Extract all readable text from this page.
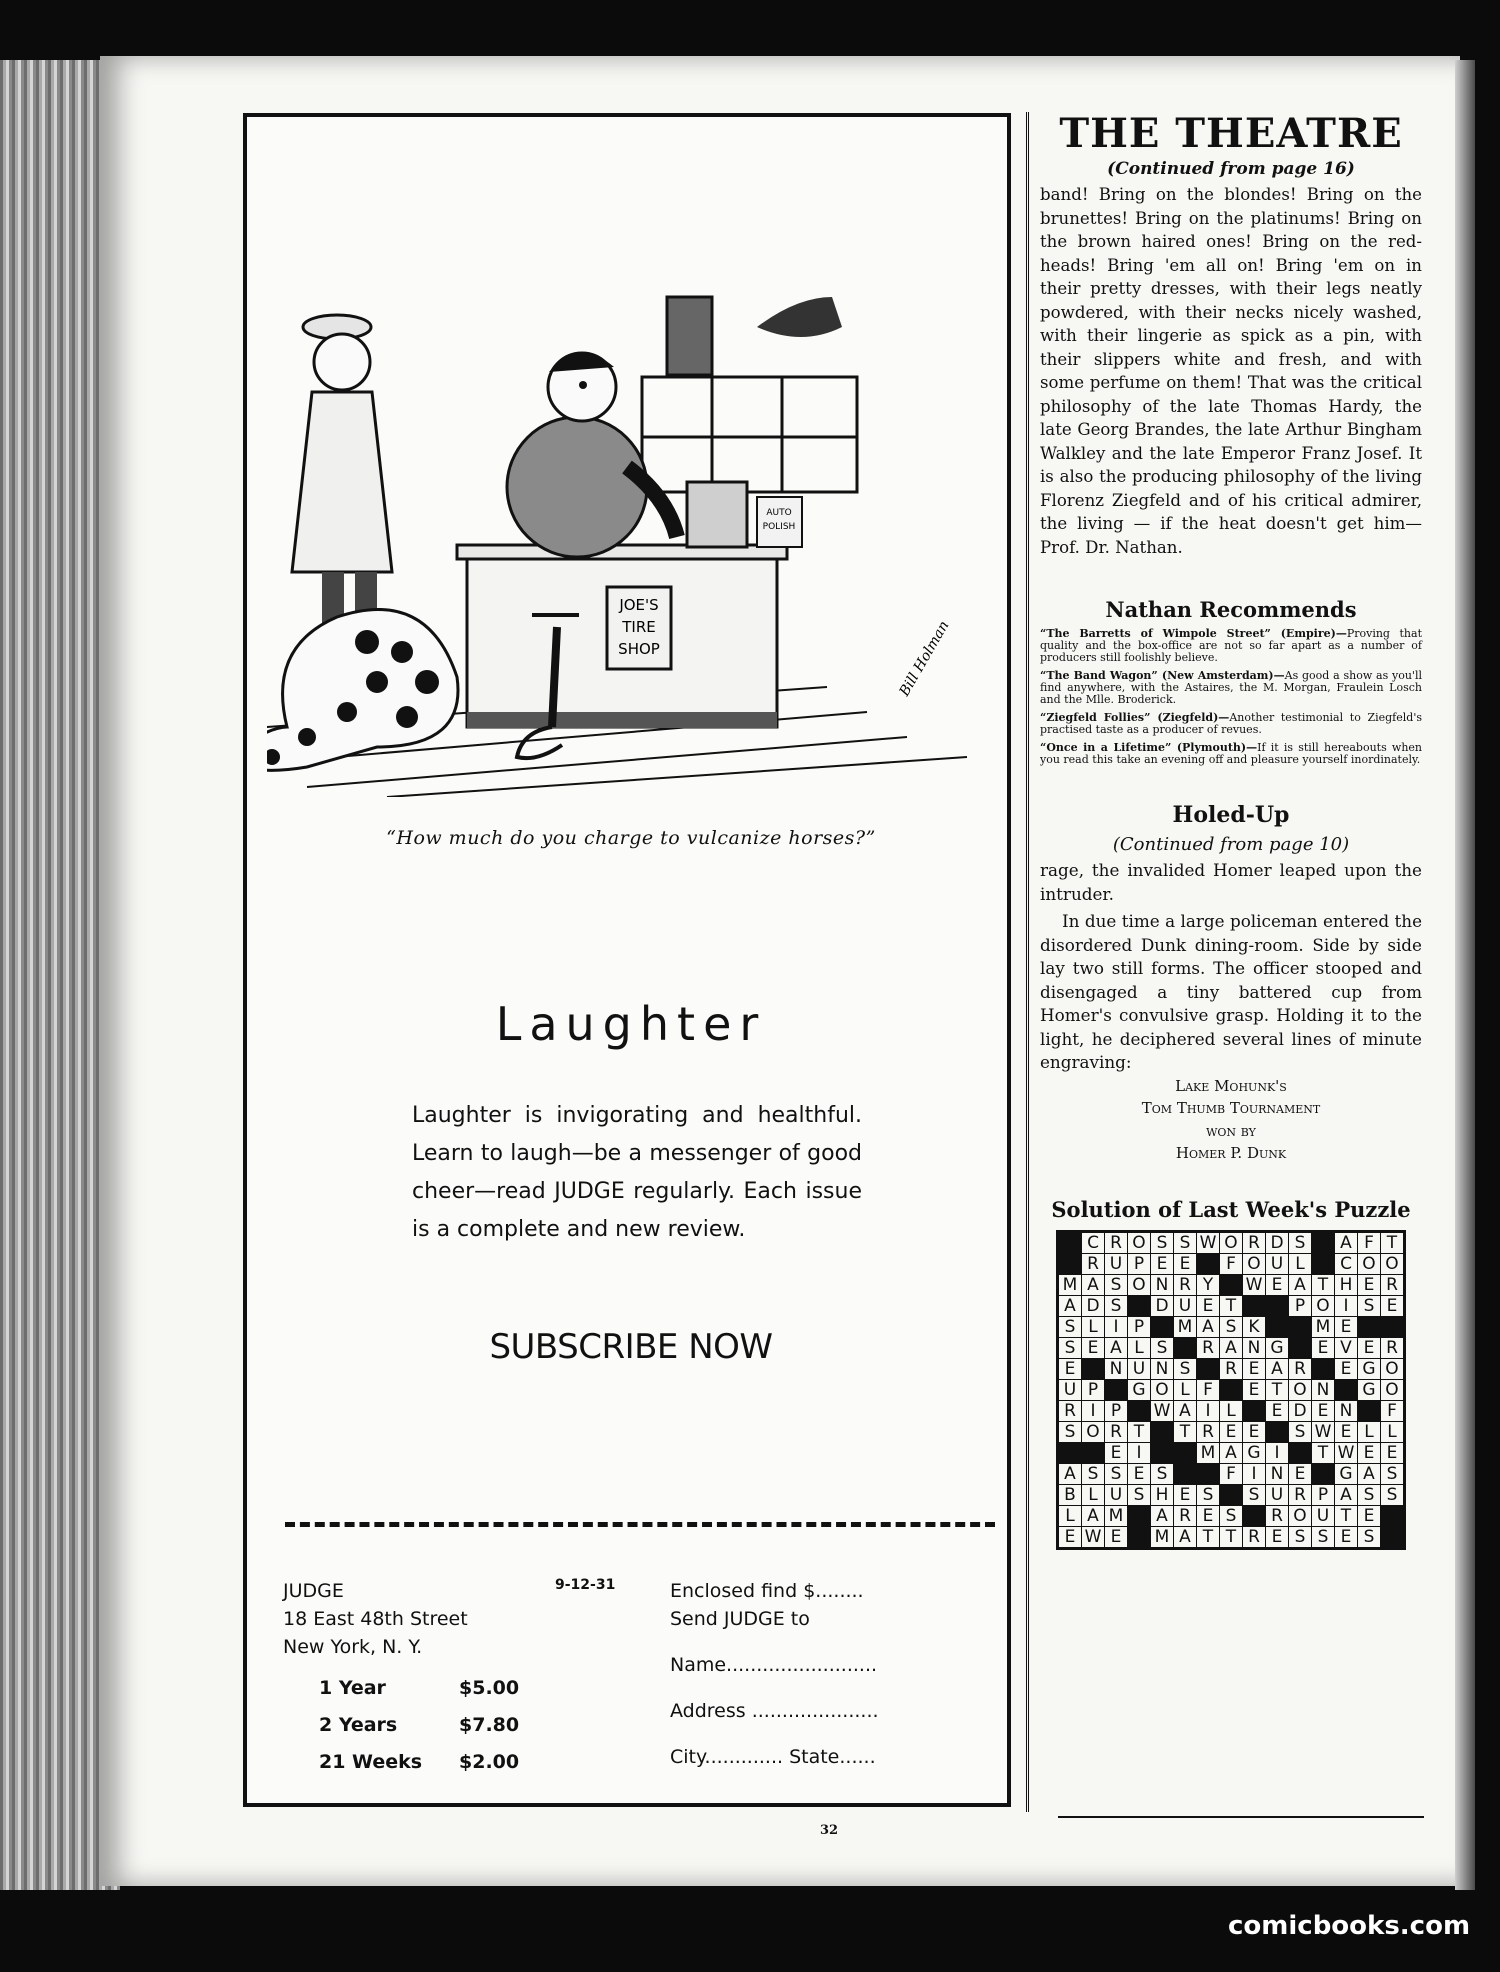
JOE'S
TIRE
SHOP
AUTO
POLISH
Bill Holman
“How much do you charge to vulcanize horses?”
Laughter
Laughter is invigorating and healthful. Learn to laugh—be a messenger of good cheer—read JUDGE regularly. Each issue is a complete and new review.
SUBSCRIBE NOW
JUDGE
18 East 48th Street
New York, N. Y.
9-12-31
1 Year	$5.00
2 Years	$7.80
21 Weeks $2.00
Enclosed find $........
Send JUDGE to
Name.........................
Address .....................
City............. State......
THE THEATRE
(Continued from page 16)
band! Bring on the blondes! Bring on the brunettes! Bring on the platinums! Bring on the brown haired ones! Bring on the red-heads! Bring 'em all on! Bring 'em on in their pretty dresses, with their legs neatly powdered, with their necks nicely washed, with their lingerie as spick as a pin, with their slippers white and fresh, and with some perfume on them! That was the critical philosophy of the late Thomas Hardy, the late Georg Brandes, the late Arthur Bingham Walkley and the late Emperor Franz Josef. It is also the producing philosophy of the living Florenz Ziegfeld and of his critical admirer, the living — if the heat doesn't get him—Prof. Dr. Nathan.
Nathan Recommends
“The Barretts of Wimpole Street” (Empire)—Proving that quality and the box-office are not so far apart as a number of producers still foolishly believe.
“The Band Wagon” (New Amsterdam)—As good a show as you'll find anywhere, with the Astaires, the M. Morgan, Fraulein Losch and the Mlle. Broderick.
“Ziegfeld Follies” (Ziegfeld)—Another testimonial to Ziegfeld's practised taste as a producer of revues.
“Once in a Lifetime” (Plymouth)—If it is still hereabouts when you read this take an evening off and pleasure yourself inordinately.
Holed-Up
(Continued from page 10)
rage, the invalided Homer leaped upon the intruder.
In due time a large policeman entered the disordered Dunk dining-room. Side by side lay two still forms. The officer stooped and disengaged a tiny battered cup from Homer's convulsive grasp. Holding it to the light, he deciphered several lines of minute engraving:
Lake Mohunk's
Tom Thumb Tournament
won by
Homer P. Dunk
Solution of Last Week's Puzzle
	C	R	O	S	S	W	O	R	D	S		A	F	T
	R	U	P	E	E		F	O	U	L		C	O	O
M	A	S	O	N	R	Y		W	E	A	T	H	E	R
A	D	S		D	U	E	T			P	O	I	S	E
S	L	I	P		M	A	S	K			M	E		
S	E	A	L	S		R	A	N	G		E	V	E	R
E		N	U	N	S		R	E	A	R		E	G	O
U	P		G	O	L	F		E	T	O	N		G	O
R	I	P		W	A	I	L		E	D	E	N		F
S	O	R	T		T	R	E	E		S	W	E	L	L
		E	I			M	A	G	I		T	W	E	E
A	S	S	E	S			F	I	N	E		G	A	S
B	L	U	S	H	E	S		S	U	R	P	A	S	S
L	A	M		A	R	E	S		R	O	U	T	E	
E	W	E		M	A	T	T	R	E	S	S	E	S	
32
comicbooks.com
